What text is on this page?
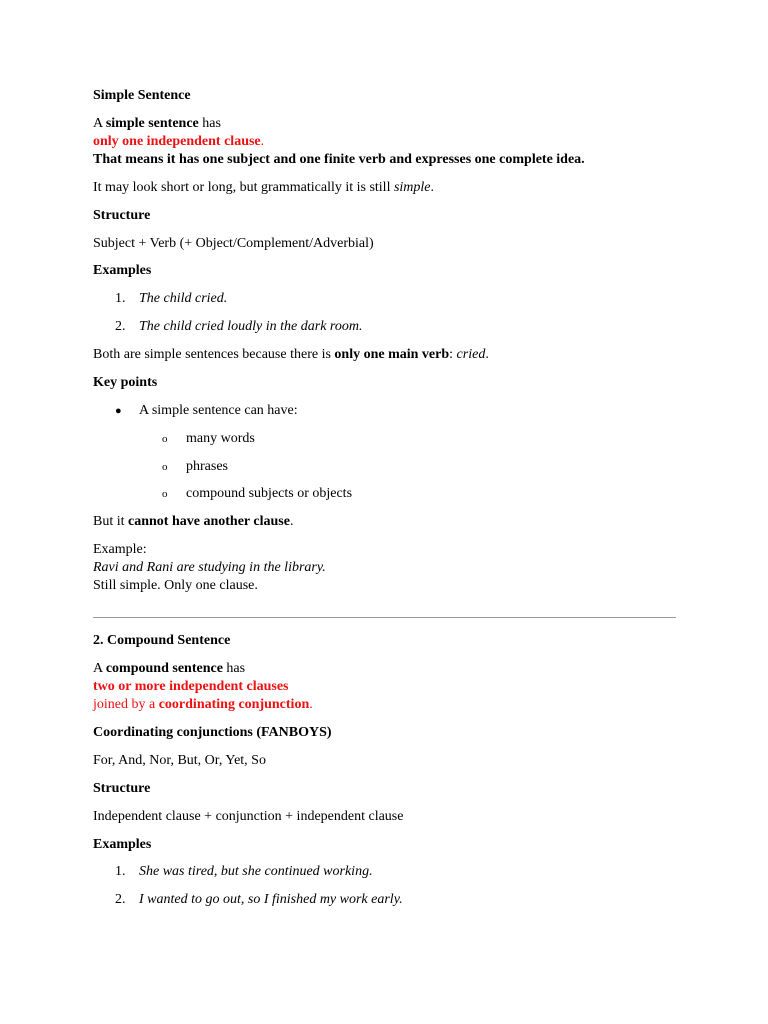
Simple Sentence
A simple sentence has
only one independent clause.
That means it has one subject and one finite verb and expresses one complete idea.
It may look short or long, but grammatically it is still simple.
Structure
Subject + Verb (+ Object/Complement/Adverbial)
Examples
1. The child cried.
2. The child cried loudly in the dark room.
Both are simple sentences because there is only one main verb: cried.
Key points
● A simple sentence can have:
o many words
o phrases
o compound subjects or objects
But it cannot have another clause.
Example:
Ravi and Rani are studying in the library.
Still simple. Only one clause.
2. Compound Sentence
A compound sentence has
two or more independent clauses
joined by a coordinating conjunction.
Coordinating conjunctions (FANBOYS)
For, And, Nor, But, Or, Yet, So
Structure
Independent clause + conjunction + independent clause
Examples
1. She was tired, but she continued working.
2. I wanted to go out, so I finished my work early.
